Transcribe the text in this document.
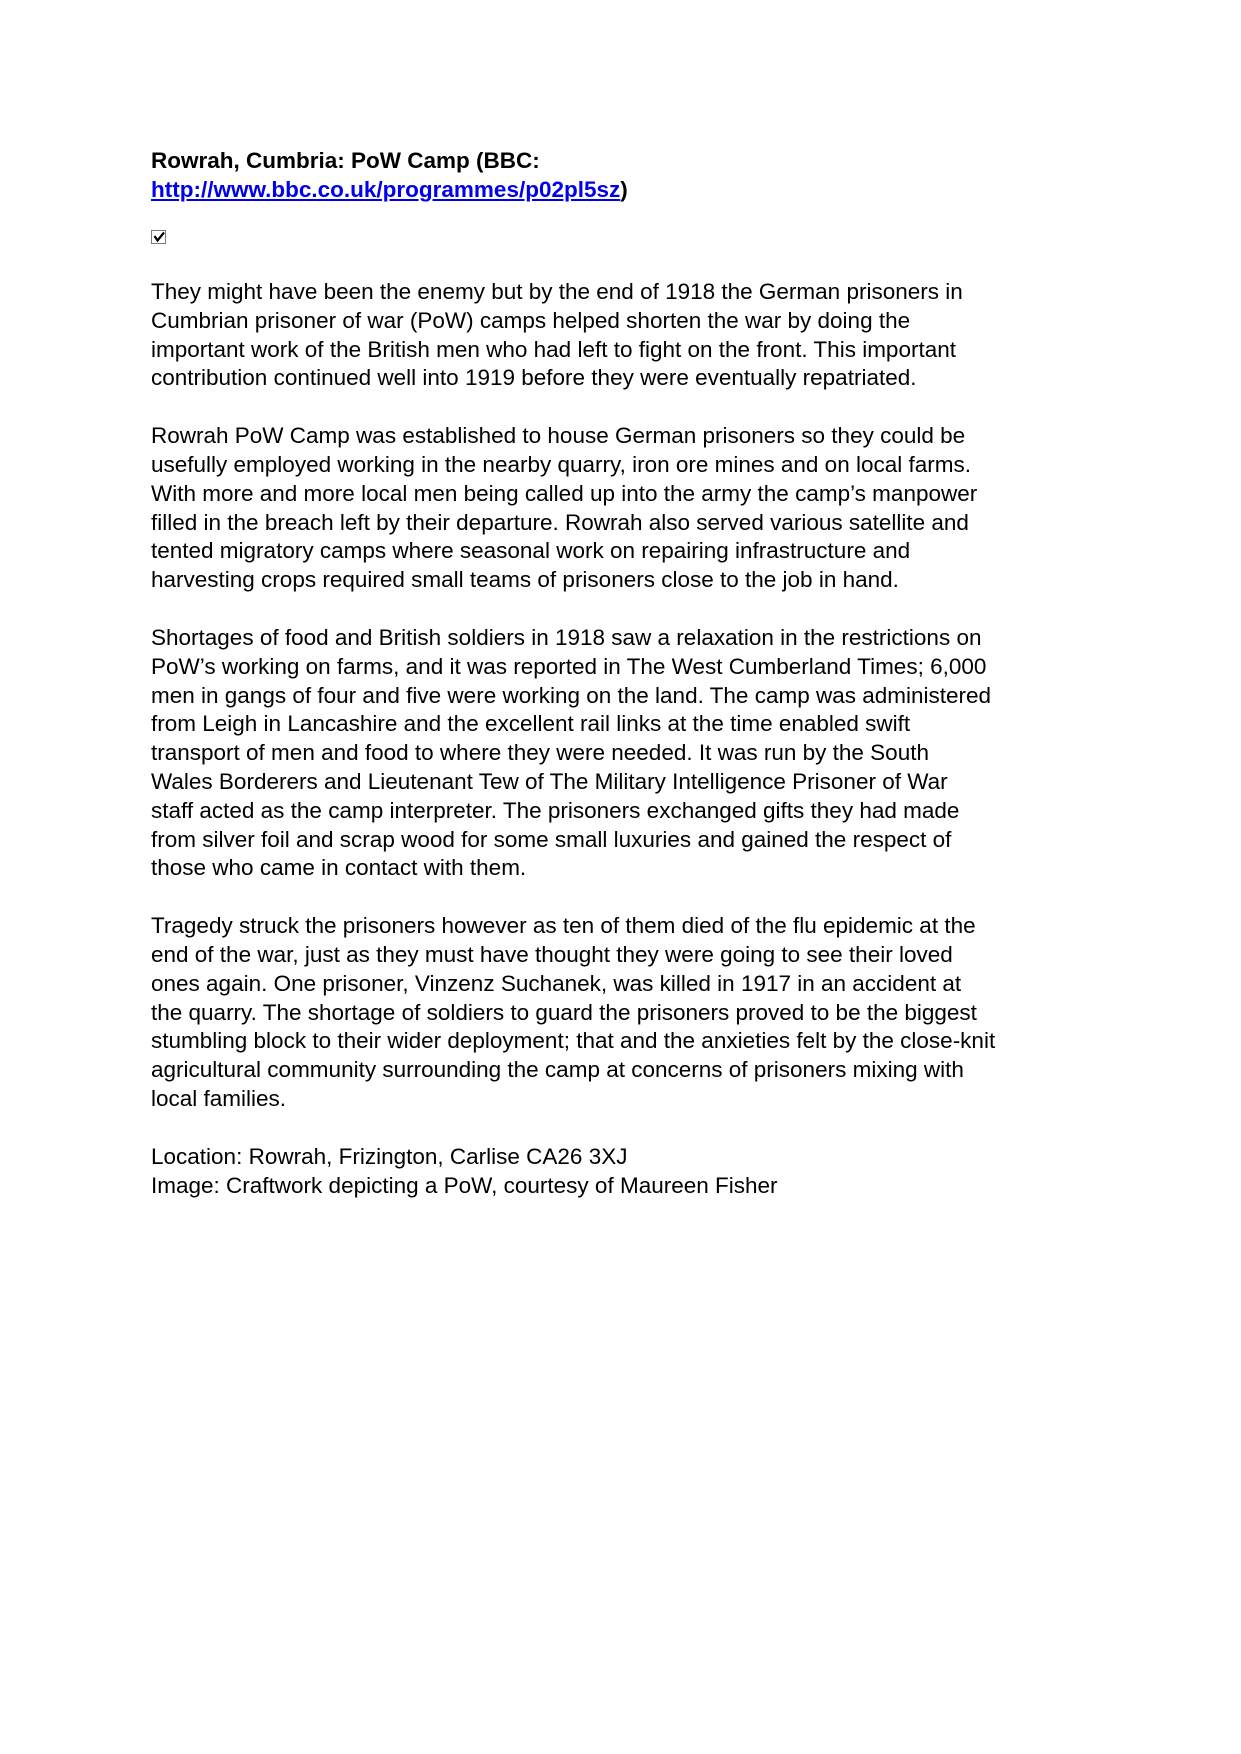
Rowrah, Cumbria: PoW Camp (BBC:
http://www.bbc.co.uk/programmes/p02pl5sz)

They might have been the enemy but by the end of 1918 the German prisoners in
Cumbrian prisoner of war (PoW) camps helped shorten the war by doing the
important work of the British men who had left to fight on the front. This important
contribution continued well into 1919 before they were eventually repatriated.

Rowrah PoW Camp was established to house German prisoners so they could be
usefully employed working in the nearby quarry, iron ore mines and on local farms.
With more and more local men being called up into the army the camp’s manpower
filled in the breach left by their departure. Rowrah also served various satellite and
tented migratory camps where seasonal work on repairing infrastructure and
harvesting crops required small teams of prisoners close to the job in hand.

Shortages of food and British soldiers in 1918 saw a relaxation in the restrictions on
PoW’s working on farms, and it was reported in The West Cumberland Times; 6,000
men in gangs of four and five were working on the land. The camp was administered
from Leigh in Lancashire and the excellent rail links at the time enabled swift
transport of men and food to where they were needed. It was run by the South
Wales Borderers and Lieutenant Tew of The Military Intelligence Prisoner of War
staff acted as the camp interpreter. The prisoners exchanged gifts they had made
from silver foil and scrap wood for some small luxuries and gained the respect of
those who came in contact with them.

Tragedy struck the prisoners however as ten of them died of the flu epidemic at the
end of the war, just as they must have thought they were going to see their loved
ones again. One prisoner, Vinzenz Suchanek, was killed in 1917 in an accident at
the quarry. The shortage of soldiers to guard the prisoners proved to be the biggest
stumbling block to their wider deployment; that and the anxieties felt by the close-knit
agricultural community surrounding the camp at concerns of prisoners mixing with
local families.

Location: Rowrah, Frizington, Carlise CA26 3XJ

Image: Craftwork depicting a PoW, courtesy of Maureen Fisher
